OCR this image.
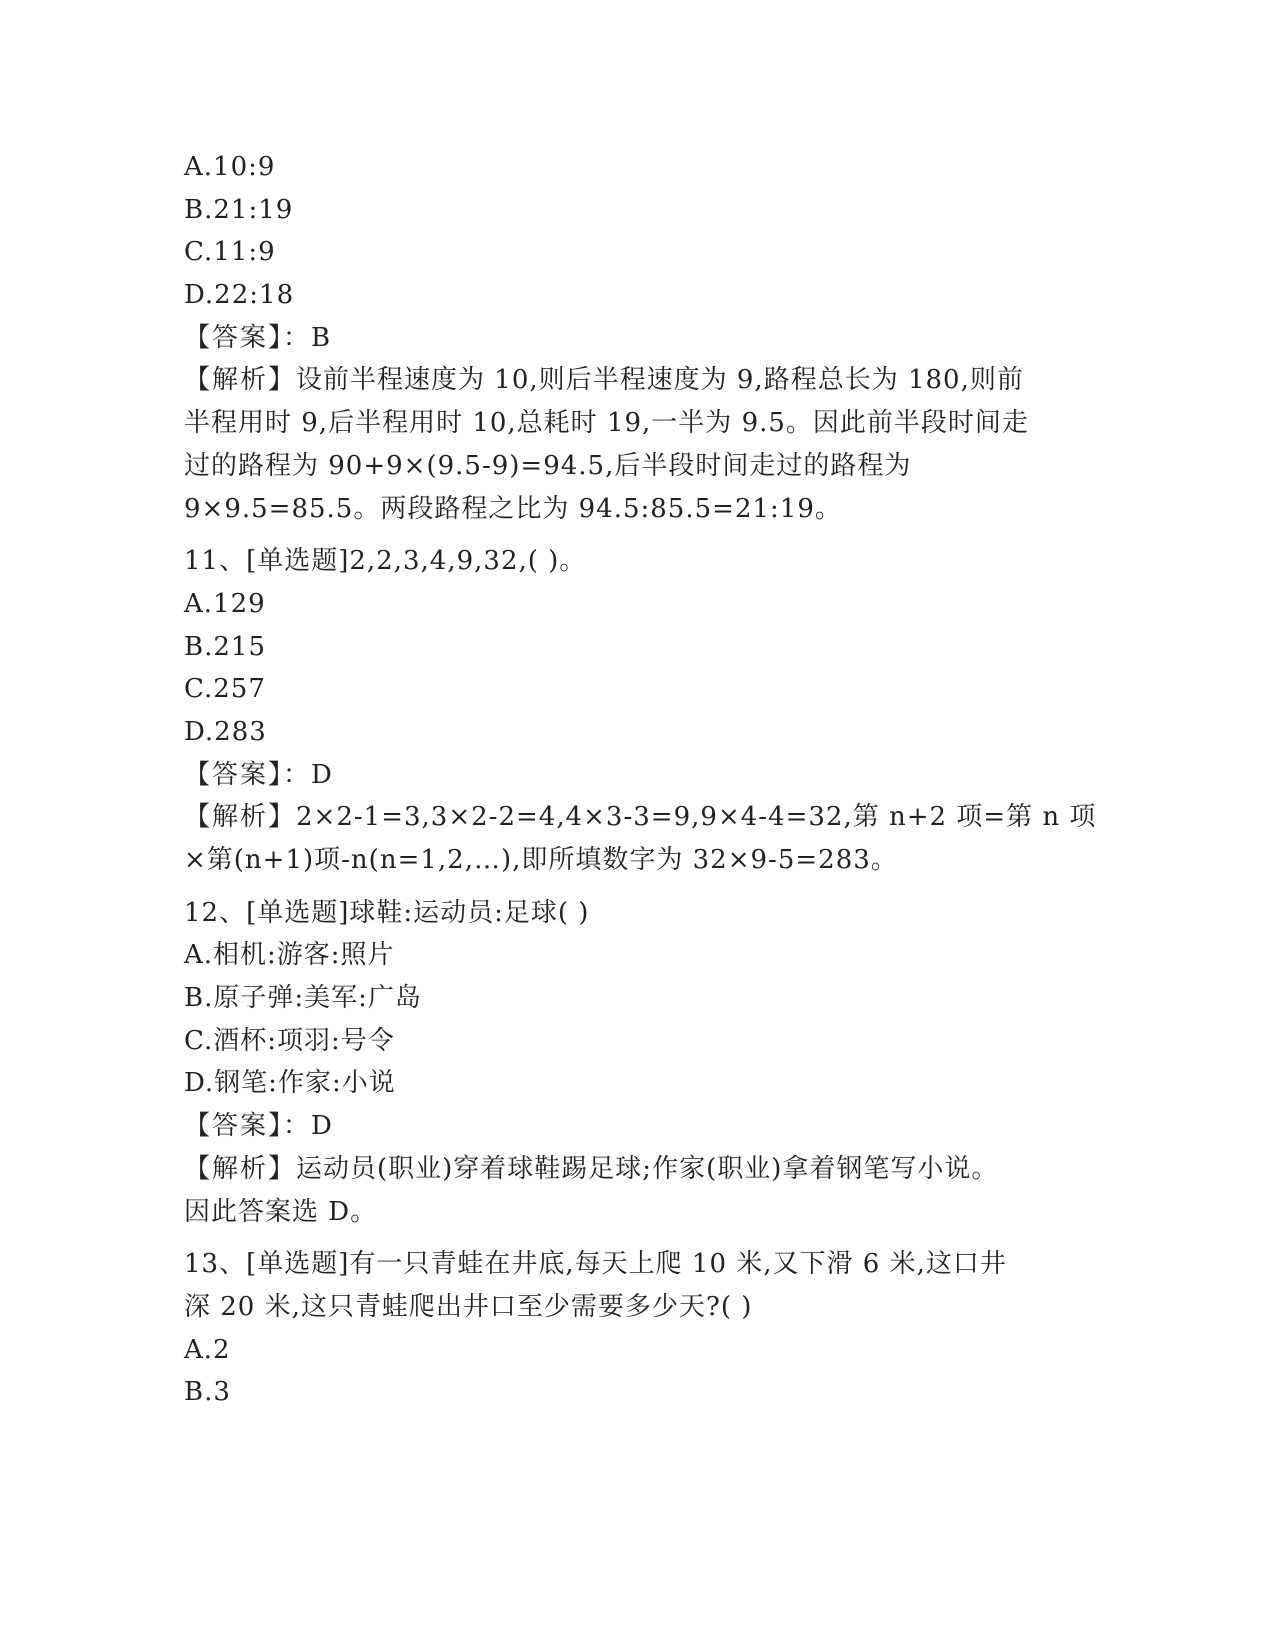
A.10:9
B.21:19
C.11:9
D.22:18
【答案】：B
【解析】设前半程速度为 10,则后半程速度为 9,路程总长为 180,则前
半程用时 9,后半程用时 10,总耗时 19,一半为 9.5。因此前半段时间走
过的路程为 90+9×(9.5-9)=94.5,后半段时间走过的路程为
9×9.5=85.5。两段路程之比为 94.5:85.5=21:19。
11、[单选题]2,2,3,4,9,32,( )。
A.129
B.215
C.257
D.283
【答案】：D
【解析】2×2-1=3,3×2-2=4,4×3-3=9,9×4-4=32,第 n+2 项=第 n 项
×第(n+1)项-n(n=1,2,…),即所填数字为 32×9-5=283。
12、[单选题]球鞋:运动员:足球( )
A.相机:游客:照片
B.原子弹:美军:广岛
C.酒杯:项羽:号令
D.钢笔:作家:小说
【答案】：D
【解析】运动员(职业)穿着球鞋踢足球;作家(职业)拿着钢笔写小说。
因此答案选 D。
13、[单选题]有一只青蛙在井底,每天上爬 10 米,又下滑 6 米,这口井
深 20 米,这只青蛙爬出井口至少需要多少天?( )
A.2
B.3
